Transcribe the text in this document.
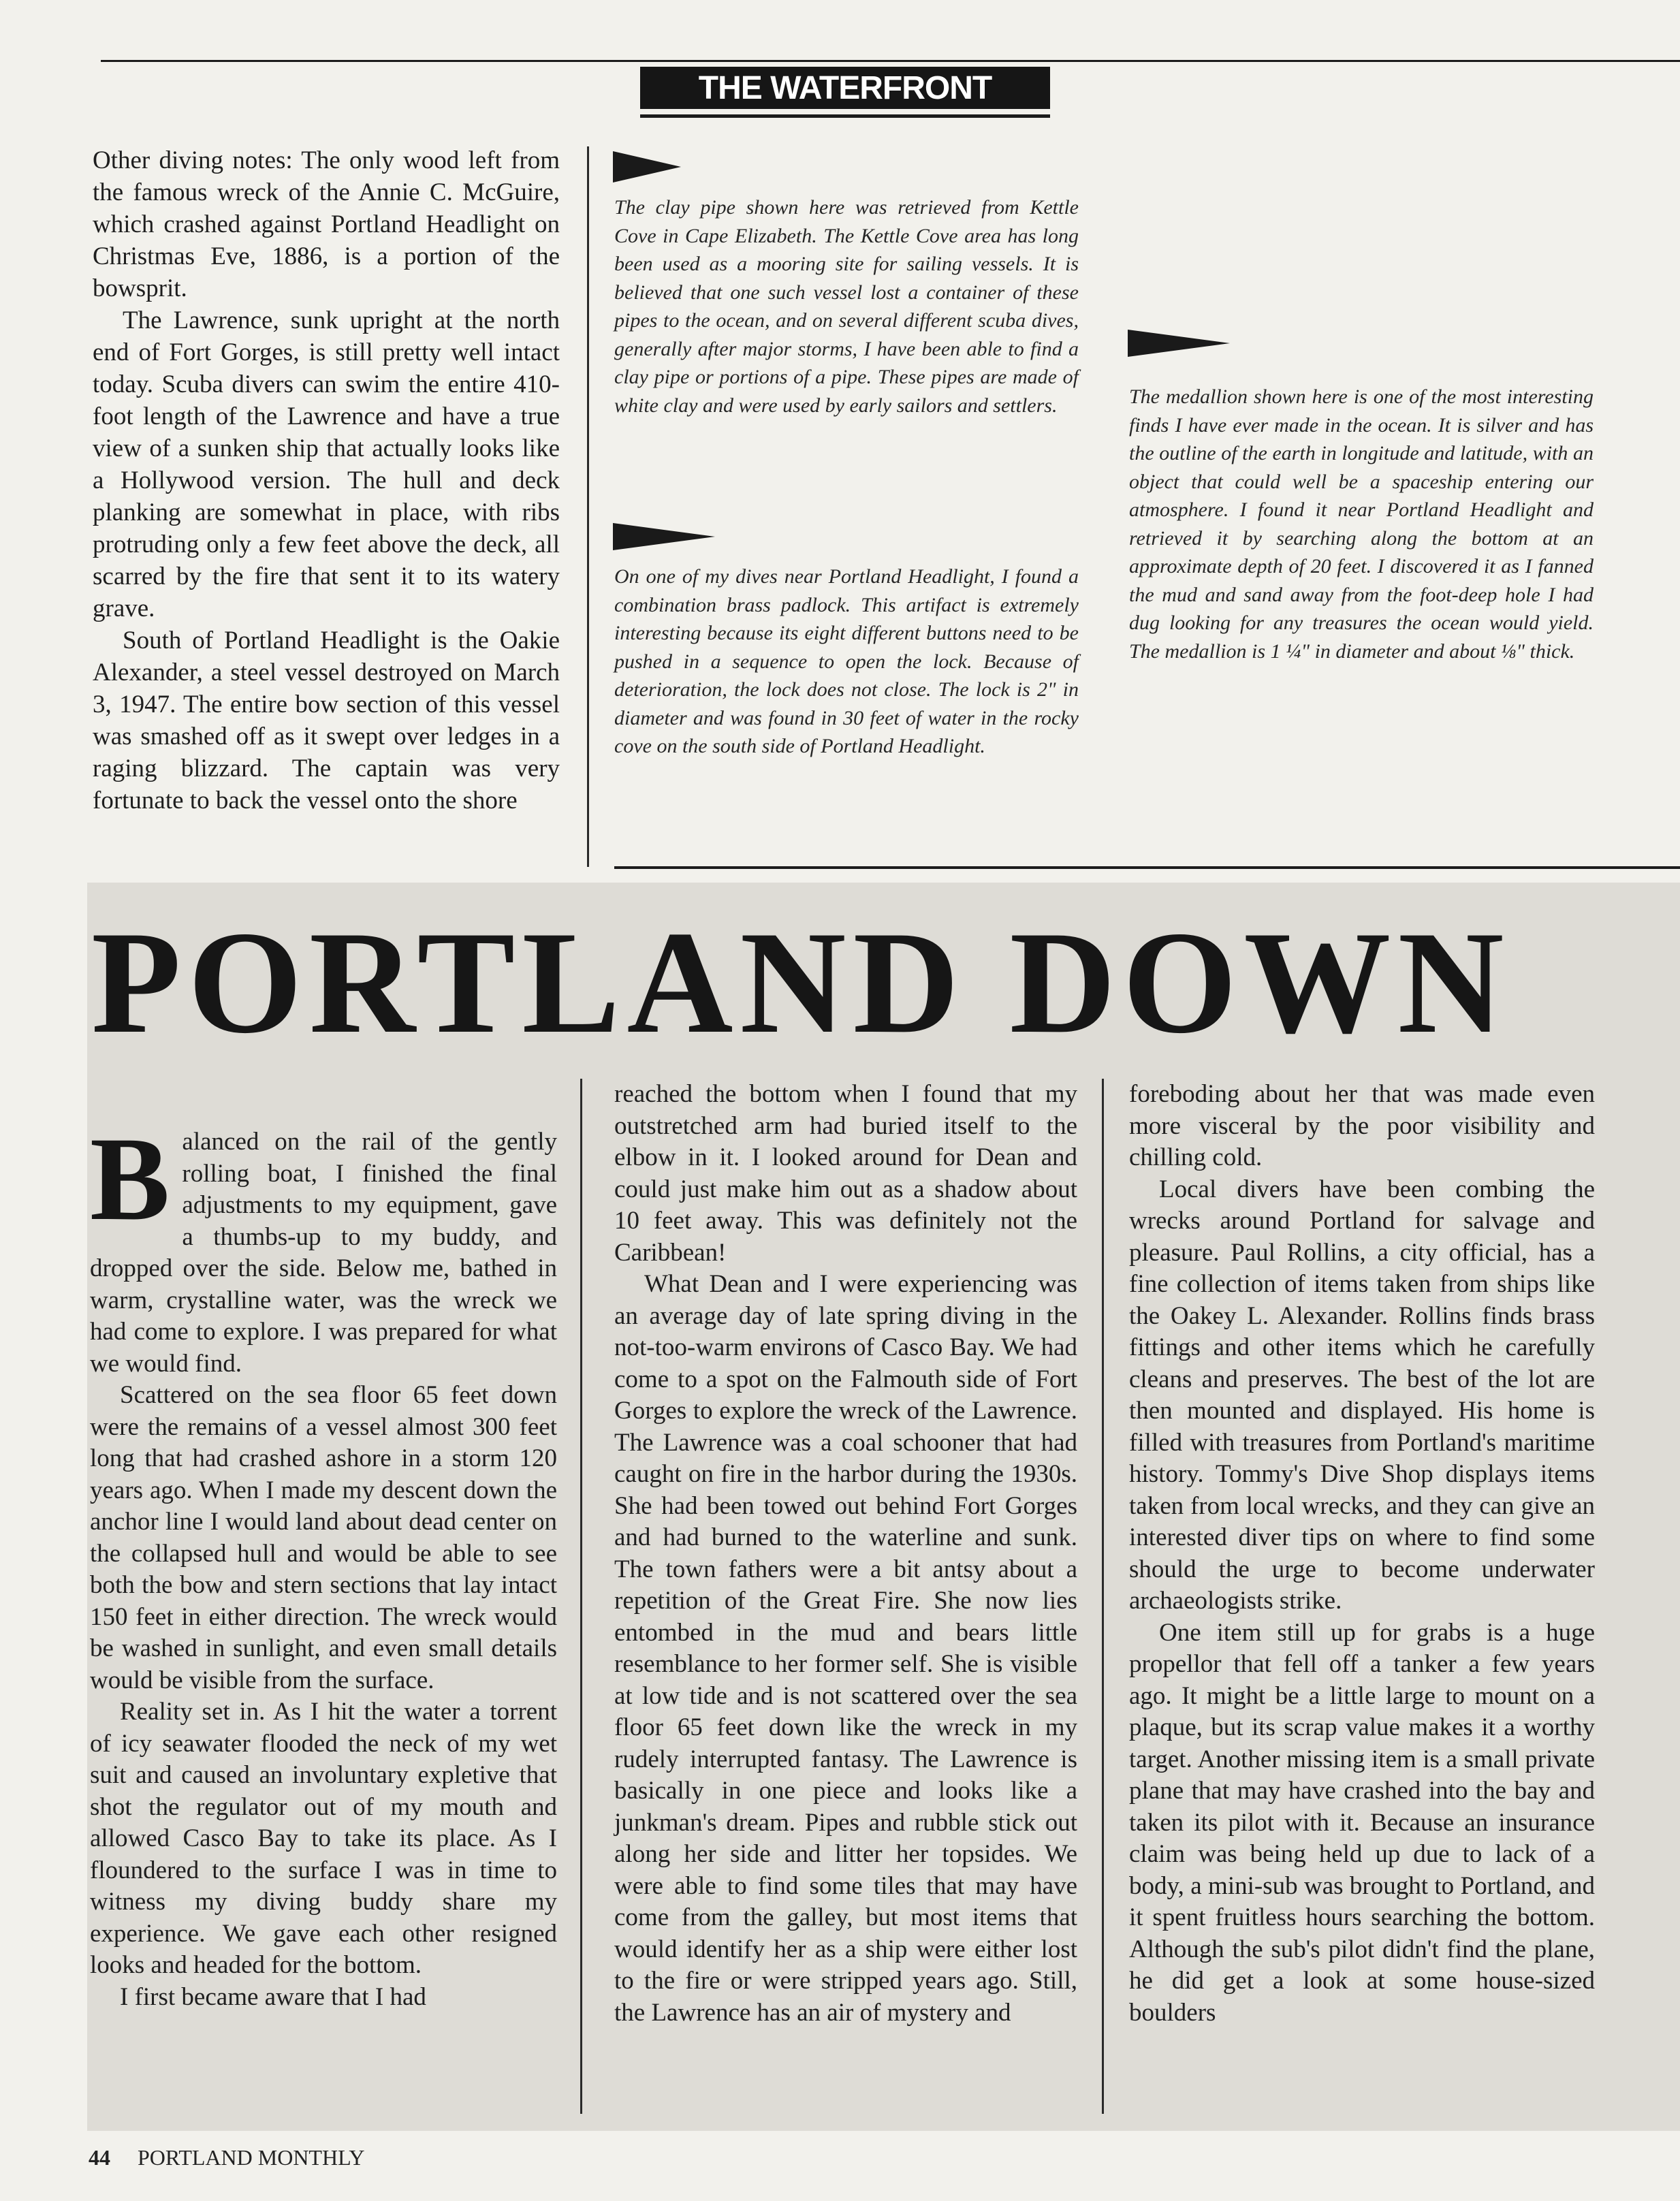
THE WATERFRONT

Other diving notes: The only wood left from the famous wreck of the Annie C. McGuire, which crashed against Portland Headlight on Christmas Eve, 1886, is a portion of the bowsprit.

The Lawrence, sunk upright at the north end of Fort Gorges, is still pretty well intact today. Scuba divers can swim the entire 410-foot length of the Lawrence and have a true view of a sunken ship that actually looks like a Hollywood version. The hull and deck planking are somewhat in place, with ribs protruding only a few feet above the deck, all scarred by the fire that sent it to its watery grave.

South of Portland Headlight is the Oakie Alexander, a steel vessel destroyed on March 3, 1947. The entire bow section of this vessel was smashed off as it swept over ledges in a raging blizzard. The captain was very fortunate to back the vessel onto the shore

The clay pipe shown here was retrieved from Kettle Cove in Cape Elizabeth. The Kettle Cove area has long been used as a mooring site for sailing vessels. It is believed that one such vessel lost a container of these pipes to the ocean, and on several different scuba dives, generally after major storms, I have been able to find a clay pipe or portions of a pipe. These pipes are made of white clay and were used by early sailors and settlers.
On one of my dives near Portland Headlight, I found a combination brass padlock. This artifact is extremely interesting because its eight different buttons need to be pushed in a sequence to open the lock. Because of deterioration, the lock does not close. The lock is 2" in diameter and was found in 30 feet of water in the rocky cove on the south side of Portland Headlight.
The medallion shown here is one of the most interesting finds I have ever made in the ocean. It is silver and has the outline of the earth in longitude and latitude, with an object that could well be a spaceship entering our atmosphere. I found it near Portland Headlight and retrieved it by searching along the bottom at an approximate depth of 20 feet. I discovered it as I fanned the mud and sand away from the foot-deep hole I had dug looking for any treasures the ocean would yield. The medallion is 1 ¼" in diameter and about ⅛" thick.
PORTLAND DOWN

Balanced on the rail of the gently rolling boat, I finished the final adjustments to my equipment, gave a thumbs-up to my buddy, and dropped over the side. Below me, bathed in warm, crystalline water, was the wreck we had come to explore. I was prepared for what we would find.

Scattered on the sea floor 65 feet down were the remains of a vessel almost 300 feet long that had crashed ashore in a storm 120 years ago. When I made my descent down the anchor line I would land about dead center on the collapsed hull and would be able to see both the bow and stern sections that lay intact 150 feet in either direction. The wreck would be washed in sunlight, and even small details would be visible from the surface.

Reality set in. As I hit the water a torrent of icy seawater flooded the neck of my wet suit and caused an involuntary expletive that shot the regulator out of my mouth and allowed Casco Bay to take its place. As I floundered to the surface I was in time to witness my diving buddy share my experience. We gave each other resigned looks and headed for the bottom.

I first became aware that I had

reached the bottom when I found that my outstretched arm had buried itself to the elbow in it. I looked around for Dean and could just make him out as a shadow about 10 feet away. This was definitely not the Caribbean!

What Dean and I were experiencing was an average day of late spring diving in the not-too-warm environs of Casco Bay. We had come to a spot on the Falmouth side of Fort Gorges to explore the wreck of the Lawrence. The Lawrence was a coal schooner that had caught on fire in the harbor during the 1930s. She had been towed out behind Fort Gorges and had burned to the waterline and sunk. The town fathers were a bit antsy about a repetition of the Great Fire. She now lies entombed in the mud and bears little resemblance to her former self. She is visible at low tide and is not scattered over the sea floor 65 feet down like the wreck in my rudely interrupted fantasy. The Lawrence is basically in one piece and looks like a junkman's dream. Pipes and rubble stick out along her side and litter her topsides. We were able to find some tiles that may have come from the galley, but most items that would identify her as a ship were either lost to the fire or were stripped years ago. Still, the Lawrence has an air of mystery and

foreboding about her that was made even more visceral by the poor visibility and chilling cold.

Local divers have been combing the wrecks around Portland for salvage and pleasure. Paul Rollins, a city official, has a fine collection of items taken from ships like the Oakey L. Alexander. Rollins finds brass fittings and other items which he carefully cleans and preserves. The best of the lot are then mounted and displayed. His home is filled with treasures from Portland's maritime history. Tommy's Dive Shop displays items taken from local wrecks, and they can give an interested diver tips on where to find some should the urge to become underwater archaeologists strike.

One item still up for grabs is a huge propellor that fell off a tanker a few years ago. It might be a little large to mount on a plaque, but its scrap value makes it a worthy target. Another missing item is a small private plane that may have crashed into the bay and taken its pilot with it. Because an insurance claim was being held up due to lack of a body, a mini-sub was brought to Portland, and it spent fruitless hours searching the bottom. Although the sub's pilot didn't find the plane, he did get a look at some house-sized boulders

44 PORTLAND MONTHLY
